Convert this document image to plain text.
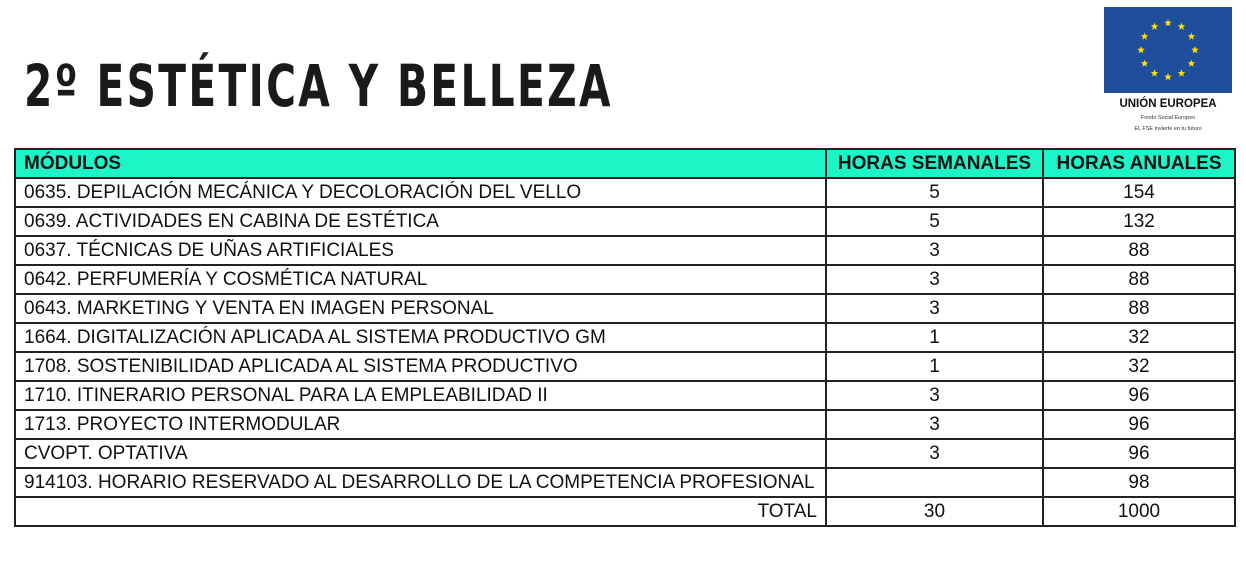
2º ESTÉTICA Y BELLEZA	UNIÓN EUROPEA
Fondo Social Europeo
EL FSE invierte en tu futuro
MÓDULOS	HORAS SEMANALES	HORAS ANUALES
0635. DEPILACIÓN MECÁNICA Y DECOLORACIÓN DEL VELLO	5	154
0639. ACTIVIDADES EN CABINA DE ESTÉTICA	5	132
0637. TÉCNICAS DE UÑAS ARTIFICIALES	3	88
0642. PERFUMERÍA Y COSMÉTICA NATURAL	3	88
0643. MARKETING Y VENTA EN IMAGEN PERSONAL	3	88
1664. DIGITALIZACIÓN APLICADA AL SISTEMA PRODUCTIVO GM	1	32
1708. SOSTENIBILIDAD APLICADA AL SISTEMA PRODUCTIVO	1	32
1710. ITINERARIO PERSONAL PARA LA EMPLEABILIDAD II	3	96
1713. PROYECTO INTERMODULAR	3	96
CVOPT. OPTATIVA	3	96
914103. HORARIO RESERVADO AL DESARROLLO DE LA COMPETENCIA PROFESIONAL		98
TOTAL	30	1000
